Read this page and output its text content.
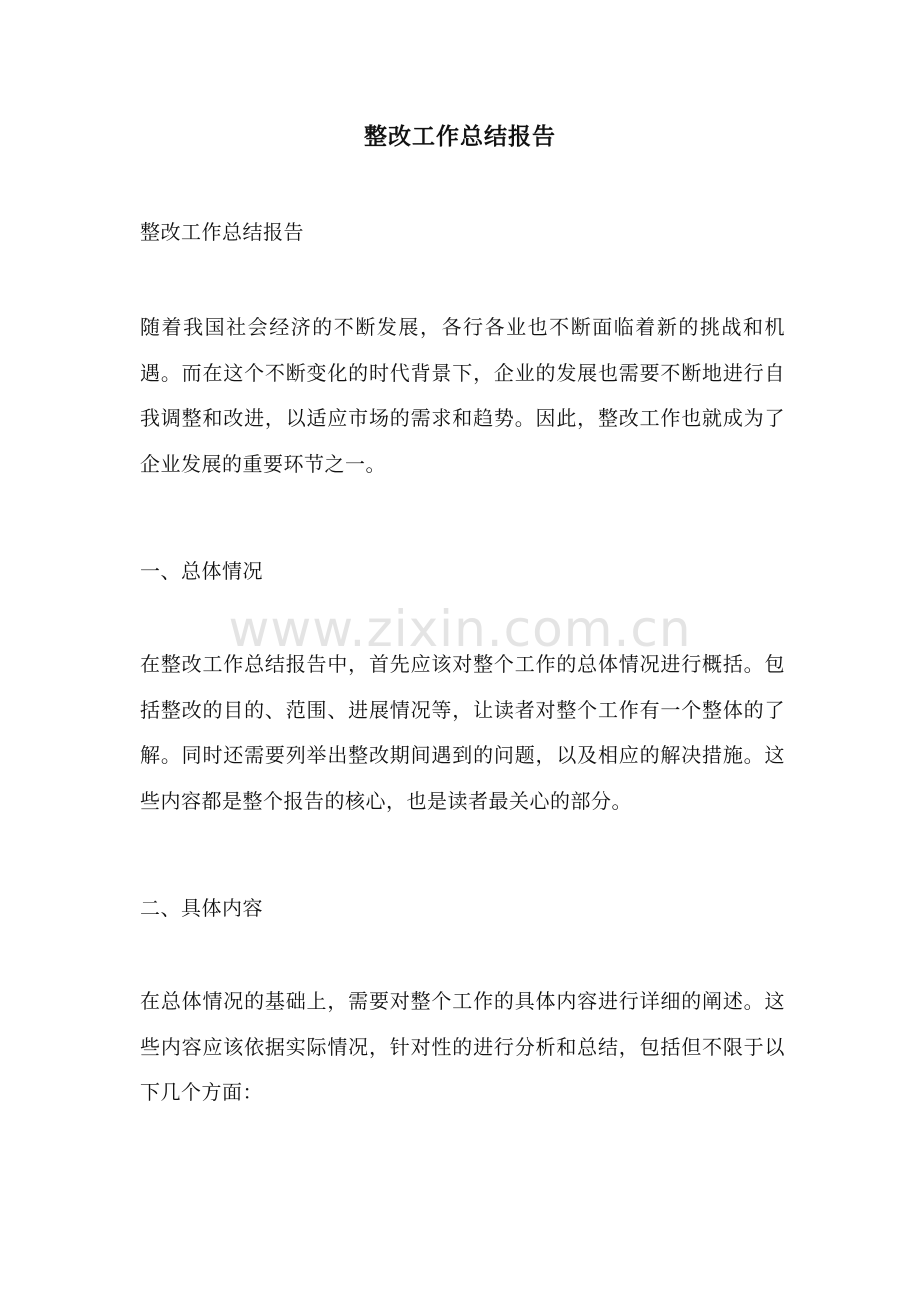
www.zixin.com.cn
整改工作总结报告
整改工作总结报告
随着我国社会经济的不断发展，各行各业也不断面临着新的挑战和机遇。而在这个不断变化的时代背景下，企业的发展也需要不断地进行自我调整和改进，以适应市场的需求和趋势。因此，整改工作也就成为了企业发展的重要环节之一。
一、总体情况
在整改工作总结报告中，首先应该对整个工作的总体情况进行概括。包括整改的目的、范围、进展情况等，让读者对整个工作有一个整体的了解。同时还需要列举出整改期间遇到的问题，以及相应的解决措施。这些内容都是整个报告的核心，也是读者最关心的部分。
二、具体内容
在总体情况的基础上，需要对整个工作的具体内容进行详细的阐述。这些内容应该依据实际情况，针对性的进行分析和总结，包括但不限于以下几个方面：
